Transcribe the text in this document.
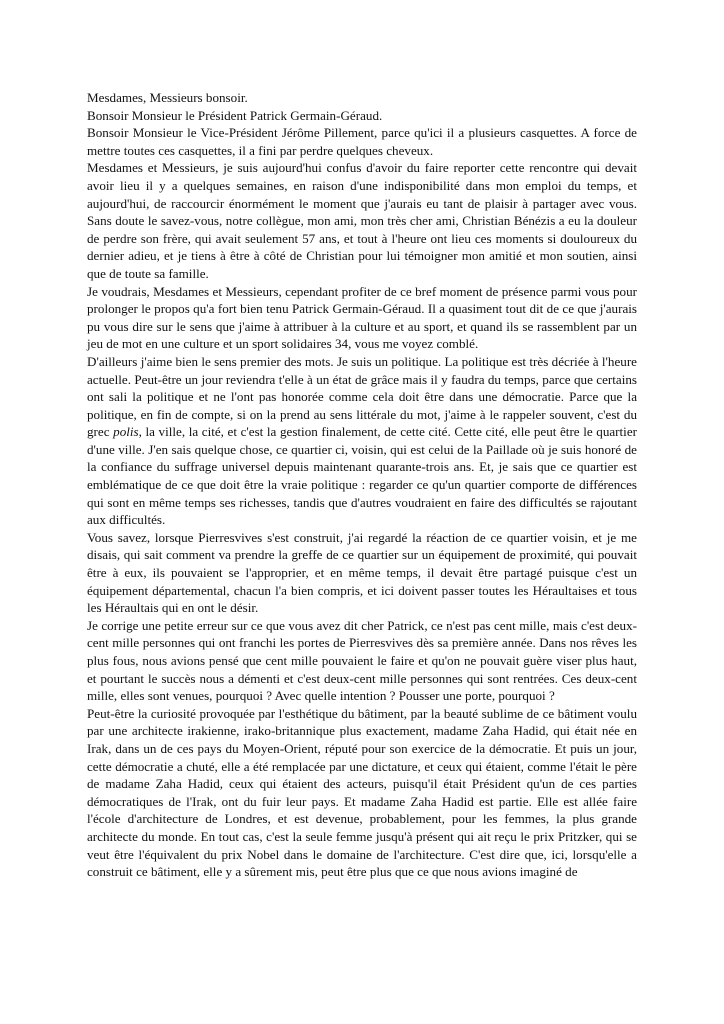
Mesdames, Messieurs bonsoir.

Bonsoir Monsieur le Président Patrick Germain-Géraud.

Bonsoir Monsieur le Vice-Président Jérôme Pillement, parce qu'ici il a plusieurs casquettes. A force de mettre toutes ces casquettes, il a fini par perdre quelques cheveux.

Mesdames et Messieurs, je suis aujourd'hui confus d'avoir du faire reporter cette rencontre qui devait avoir lieu il y a quelques semaines, en raison d'une indisponibilité dans mon emploi du temps, et aujourd'hui, de raccourcir énormément le moment que j'aurais eu tant de plaisir à partager avec vous. Sans doute le savez-vous, notre collègue, mon ami, mon très cher ami, Christian Bénézis a eu la douleur de perdre son frère, qui avait seulement 57 ans, et tout à l'heure ont lieu ces moments si douloureux du dernier adieu, et je tiens à être à côté de Christian pour lui témoigner mon amitié et mon soutien, ainsi que de toute sa famille.

Je voudrais, Mesdames et Messieurs, cependant profiter de ce bref moment de présence parmi vous pour prolonger le propos qu'a fort bien tenu Patrick Germain-Géraud. Il a quasiment tout dit de ce que j'aurais pu vous dire sur le sens que j'aime à attribuer à la culture et au sport, et quand ils se rassemblent par un jeu de mot en une culture et un sport solidaires 34, vous me voyez comblé.

D'ailleurs j'aime bien le sens premier des mots. Je suis un politique. La politique est très décriée à l'heure actuelle. Peut-être un jour reviendra t'elle à un état de grâce mais il y faudra du temps, parce que certains ont sali la politique et ne l'ont pas honorée comme cela doit être dans une démocratie. Parce que la politique, en fin de compte, si on la prend au sens littérale du mot, j'aime à le rappeler souvent, c'est du grec polis, la ville, la cité, et c'est la gestion finalement, de cette cité. Cette cité, elle peut être le quartier d'une ville. J'en sais quelque chose, ce quartier ci, voisin, qui est celui de la Paillade où je suis honoré de la confiance du suffrage universel depuis maintenant quarante-trois ans. Et, je sais que ce quartier est emblématique de ce que doit être la vraie politique : regarder ce qu'un quartier comporte de différences qui sont en même temps ses richesses, tandis que d'autres voudraient en faire des difficultés se rajoutant aux difficultés.

Vous savez, lorsque Pierresvives s'est construit, j'ai regardé la réaction de ce quartier voisin, et je me disais, qui sait comment va prendre la greffe de ce quartier sur un équipement de proximité, qui pouvait être à eux, ils pouvaient se l'approprier, et en même temps, il devait être partagé puisque c'est un équipement départemental, chacun l'a bien compris, et ici doivent passer toutes les Héraultaises et tous les Héraultais qui en ont le désir.

Je corrige une petite erreur sur ce que vous avez dit cher Patrick, ce n'est pas cent mille, mais c'est deux-cent mille personnes qui ont franchi les portes de Pierresvives dès sa première année. Dans nos rêves les plus fous, nous avions pensé que cent mille pouvaient le faire et qu'on ne pouvait guère viser plus haut, et pourtant le succès nous a démenti et c'est deux-cent mille personnes qui sont rentrées. Ces deux-cent mille, elles sont venues, pourquoi ? Avec quelle intention ? Pousser une porte, pourquoi ?

Peut-être la curiosité provoquée par l'esthétique du bâtiment, par la beauté sublime de ce bâtiment voulu par une architecte irakienne, irako-britannique plus exactement, madame Zaha Hadid, qui était née en Irak, dans un de ces pays du Moyen-Orient, réputé pour son exercice de la démocratie. Et puis un jour, cette démocratie a chuté, elle a été remplacée par une dictature, et ceux qui étaient, comme l'était le père de madame Zaha Hadid, ceux qui étaient des acteurs, puisqu'il était Président qu'un de ces parties démocratiques de l'Irak, ont du fuir leur pays. Et madame Zaha Hadid est partie. Elle est allée faire l'école d'architecture de Londres, et est devenue, probablement, pour les femmes, la plus grande architecte du monde. En tout cas, c'est la seule femme jusqu'à présent qui ait reçu le prix Pritzker, qui se veut être l'équivalent du prix Nobel dans le domaine de l'architecture. C'est dire que, ici, lorsqu'elle a construit ce bâtiment, elle y a sûrement mis, peut être plus que ce que nous avions imaginé de
